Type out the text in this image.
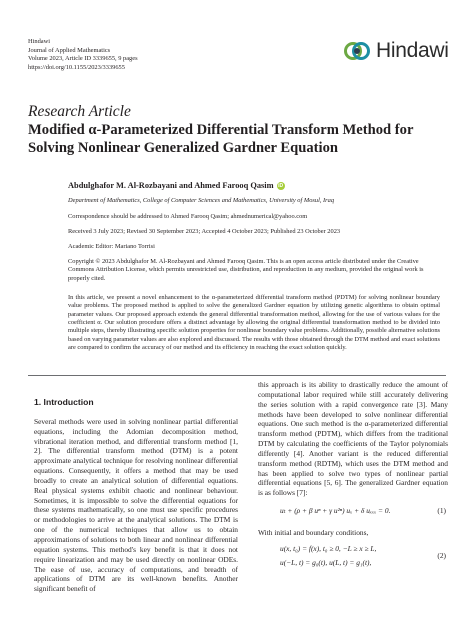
Hindawi
Journal of Applied Mathematics
Volume 2023, Article ID 3339655, 9 pages
https://doi.org/10.1155/2023/3339655
Hindawi
Research Article
Modified α-Parameterized Differential Transform Method for
Solving Nonlinear Generalized Gardner Equation
Abdulghafor M. Al-Rozbayani and Ahmed Farooq Qasim iD
Department of Mathematics, College of Computer Sciences and Mathematics, University of Mosul, Iraq
Correspondence should be addressed to Ahmed Farooq Qasim; ahmednumerical@yahoo.com
Received 3 July 2023; Revised 30 September 2023; Accepted 4 October 2023; Published 23 October 2023
Academic Editor: Mariano Torrisi
Copyright © 2023 Abdulghafor M. Al-Rozbayani and Ahmed Farooq Qasim. This is an open access article distributed under the Creative Commons Attribution License, which permits unrestricted use, distribution, and reproduction in any medium, provided the original work is properly cited.
In this article, we present a novel enhancement to the α-parameterized differential transform method (PDTM) for solving nonlinear boundary value problems. The proposed method is applied to solve the generalized Gardner equation by utilizing genetic algorithms to obtain optimal parameter values. Our proposed approach extends the general differential transformation method, allowing for the use of various values for the coefficient α. Our solution procedure offers a distinct advantage by allowing the original differential transformation method to be divided into multiple steps, thereby illustrating specific solution properties for nonlinear boundary value problems. Additionally, possible alternative solutions based on varying parameter values are also explored and discussed. The results with those obtained through the DTM method and exact solutions are compared to confirm the accuracy of our method and its efficiency in reaching the exact solution quickly.
1. Introduction

Several methods were used in solving nonlinear partial differential equations, including the Adomian decomposition method, vibrational iteration method, and differential transform method [1, 2]. The differential transform method (DTM) is a potent approximate analytical technique for resolving nonlinear differential equations. Consequently, it offers a method that may be used broadly to create an analytical solution of differential equations. Real physical systems exhibit chaotic and nonlinear behaviour. Sometimes, it is impossible to solve the differential equations for these systems mathematically, so one must use specific procedures or methodologies to arrive at the analytical solutions. The DTM is one of the numerical techniques that allow us to obtain approximations of solutions to both linear and nonlinear differential equation systems. This method's key benefit is that it does not require linearization and may be used directly on nonlinear ODEs. The ease of use, accuracy of computations, and breadth of applications of DTM are its well-known benefits. Another significant benefit of

this approach is its ability to drastically reduce the amount of computational labor required while still accurately delivering the series solution with a rapid convergence rate [3]. Many methods have been developed to solve nonlinear differential equations. One such method is the α-parameterized differential transform method (PDTM), which differs from the traditional DTM by calculating the coefficients of the Taylor polynomials differently [4]. Another variant is the reduced differential transform method (RDTM), which uses the DTM method and has been applied to solve two types of nonlinear partial differential equations [5, 6]. The generalized Gardner equation is as follows [7]:

uₜ + (ρ + β uⁿ + γ u²ⁿ) uₓ + δ uₓₓₓ = 0.	(1)

With initial and boundary conditions,

u(x, t₀) = f(x), t₀ ≥ 0, −L ≥ x ≥ L,
u(−L, t) = g₀(t), u(L, t) = g₁(t),
(2)
